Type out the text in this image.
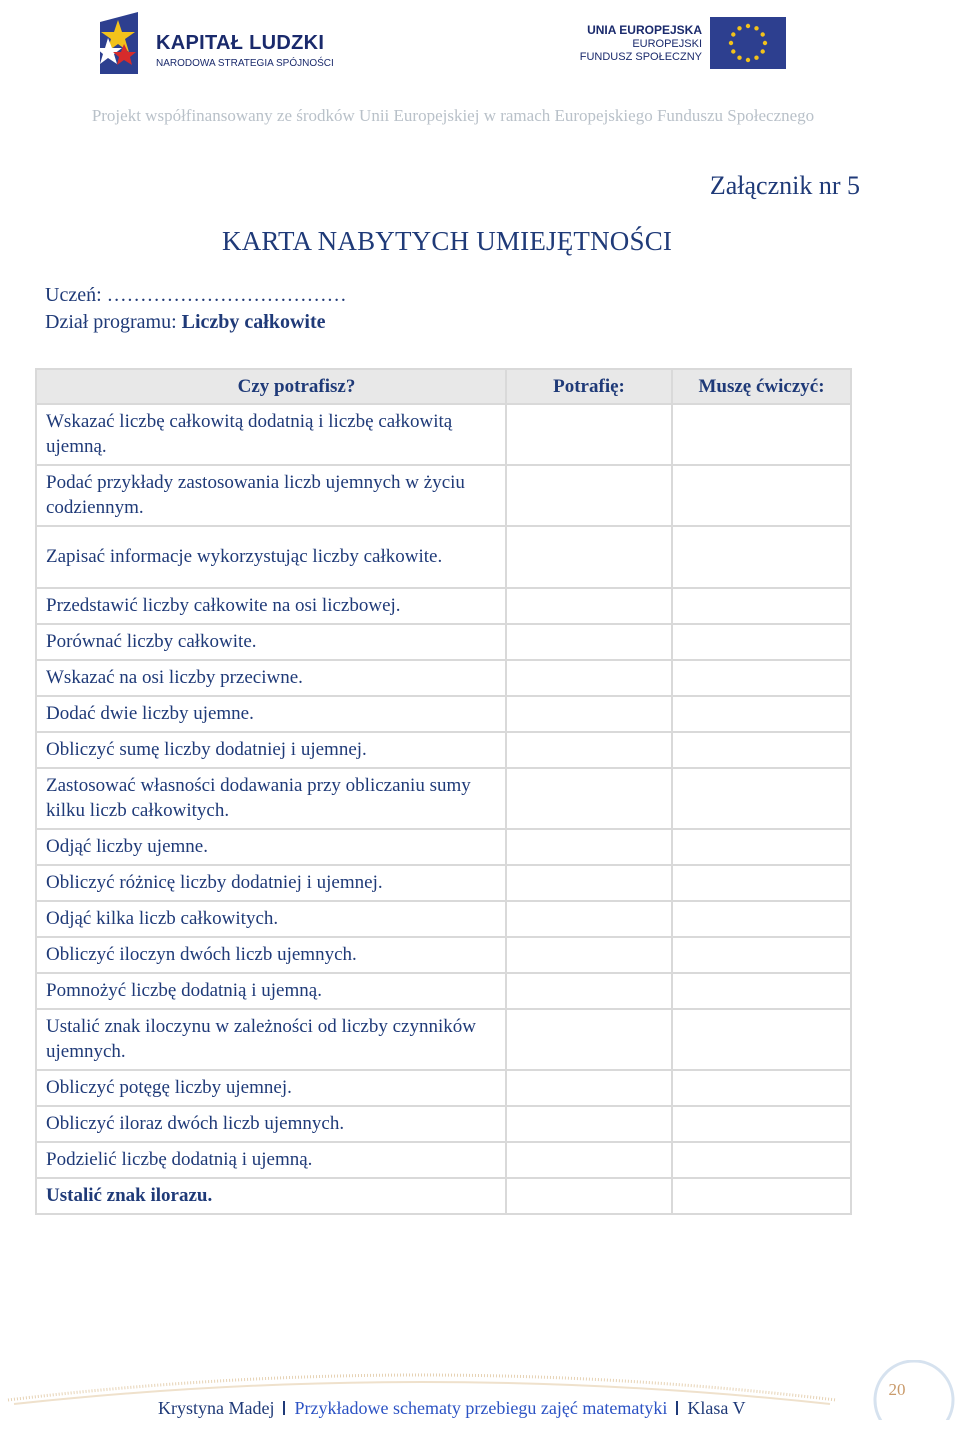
KAPITAŁ LUDZKI
NARODOWA STRATEGIA SPÓJNOŚCI
UNIA EUROPEJSKA
EUROPEJSKI
FUNDUSZ SPOŁECZNY
Projekt współfinansowany ze środków Unii Europejskiej w ramach Europejskiego Funduszu Społecznego
Załącznik nr 5
KARTA NABYTYCH UMIEJĘTNOŚCI
Uczeń: ………………………………
Dział programu: Liczby całkowite
Czy potrafisz?	Potrafię:	Muszę ćwiczyć:
Wskazać liczbę całkowitą dodatnią i liczbę całkowitą ujemną.		
Podać przykłady zastosowania liczb ujemnych w życiu codziennym.		
Zapisać informacje wykorzystując liczby całkowite.		
Przedstawić liczby całkowite na osi liczbowej.		
Porównać liczby całkowite.		
Wskazać na osi liczby przeciwne.		
Dodać dwie liczby ujemne.		
Obliczyć sumę liczby dodatniej i ujemnej.		
Zastosować własności dodawania przy obliczaniu sumy kilku liczb całkowitych.		
Odjąć liczby ujemne.		
Obliczyć różnicę liczby dodatniej i ujemnej.		
Odjąć kilka liczb całkowitych.		
Obliczyć iloczyn dwóch liczb ujemnych.		
Pomnożyć liczbę dodatnią i ujemną.		
Ustalić znak iloczynu w zależności od liczby czynników ujemnych.		
Obliczyć potęgę liczby ujemnej.		
Obliczyć iloraz dwóch liczb ujemnych.		
Podzielić liczbę dodatnią i ujemną.		
Ustalić znak ilorazu.		
Krystyna Madej Przykładowe schematy przebiegu zajęć matematyki Klasa V
20
